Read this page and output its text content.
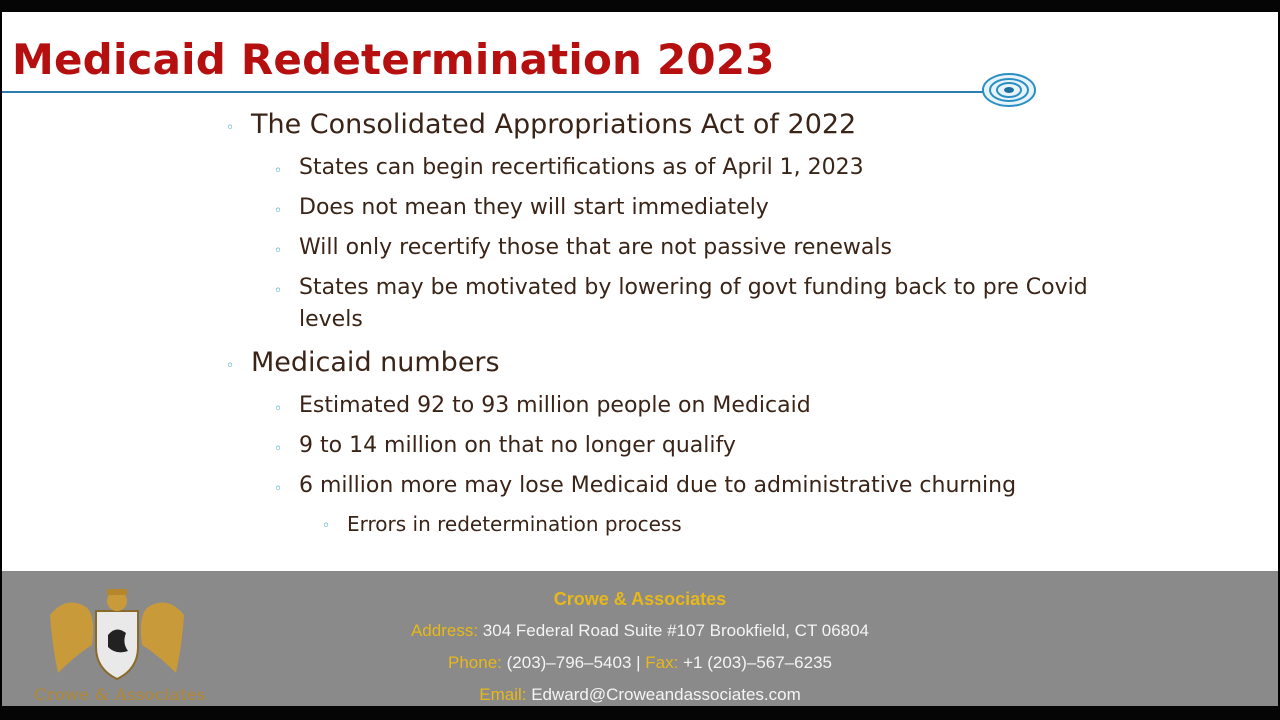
Medicaid Redetermination 2023
◦ The Consolidated Appropriations Act of 2022
◦ States can begin recertifications as of April 1, 2023
◦ Does not mean they will start immediately
◦ Will only recertify those that are not passive renewals
◦ States may be motivated by lowering of govt funding back to pre Covid
levels
◦ Medicaid numbers
◦ Estimated 92 to 93 million people on Medicaid
◦ 9 to 14 million on that no longer qualify
◦ 6 million more may lose Medicaid due to administrative churning
◦ Errors in redetermination process
Crowe & Associates
Crowe & Associates
Address: 304 Federal Road Suite #107 Brookfield, CT 06804
Phone: (203)–796–5403 | Fax: +1 (203)–567–6235
Email: Edward@Croweandassociates.com
